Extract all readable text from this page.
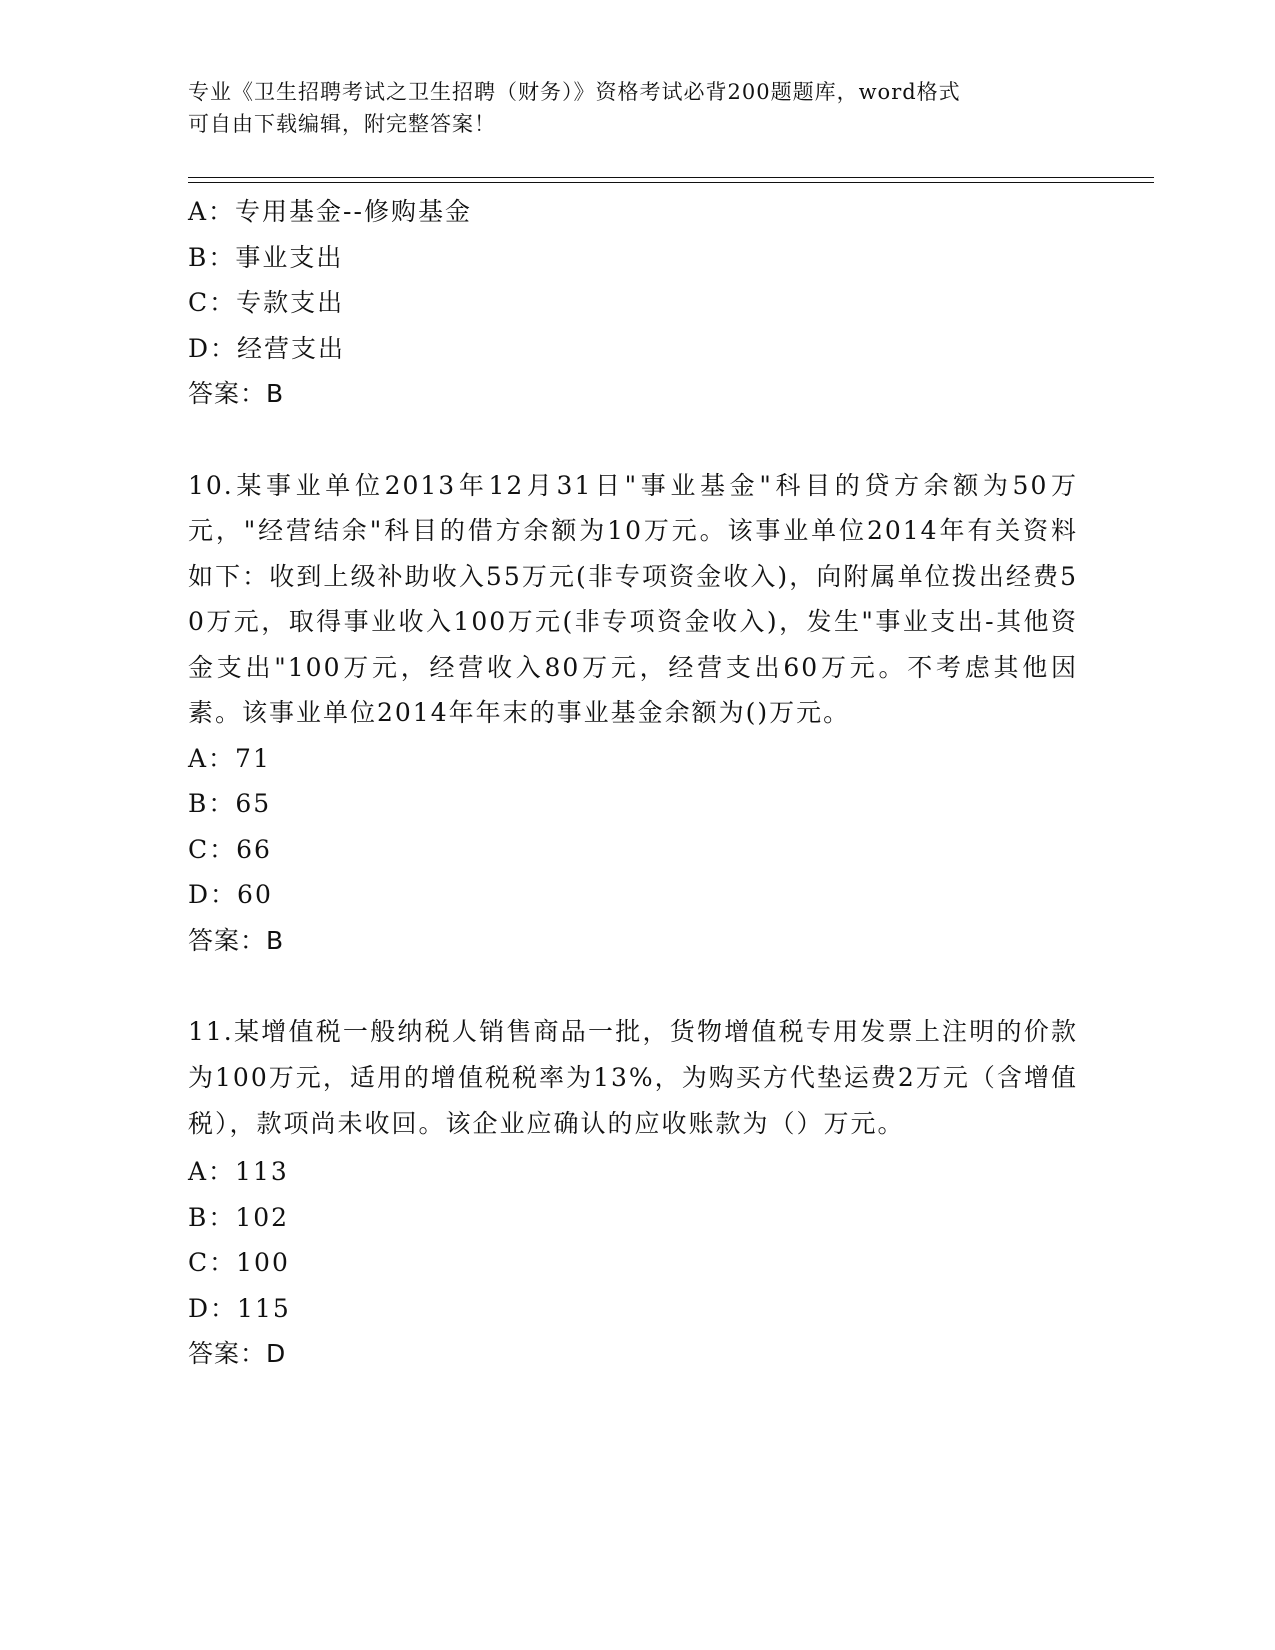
专业《卫生招聘考试之卫生招聘（财务）》资格考试必背200题题库，word格式
可自由下载编辑，附完整答案！
A：专用基金--修购基金
B：事业支出
C：专款支出
D：经营支出
答案：B
10.某事业单位2013年12月31日"事业基金"科目的贷方余额为50万元，"经营结余"科目的借方余额为10万元。该事业单位2014年有关资料如下：收到上级补助收入55万元(非专项资金收入)，向附属单位拨出经费50万元，取得事业收入100万元(非专项资金收入)，发生"事业支出-其他资金支出"100万元，经营收入80万元，经营支出60万元。不考虑其他因素。该事业单位2014年年末的事业基金余额为()万元。
A：71
B：65
C：66
D：60
答案：B
11.某增值税一般纳税人销售商品一批，货物增值税专用发票上注明的价款为100万元，适用的增值税税率为13%，为购买方代垫运费2万元（含增值税），款项尚未收回。该企业应确认的应收账款为（）万元。
A：113
B：102
C：100
D：115
答案：D
